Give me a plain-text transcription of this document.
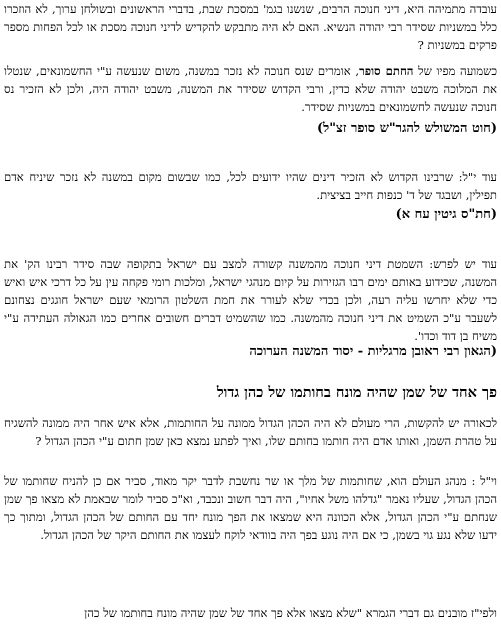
עובדה מתמיהה היא, דיני חנוכה הרבים, שנשנו בגמ' במסכת שבת, בדברי הראשונים ובשולחן ערוך, לא הוזכרו כלל במשניות שסידר רבי יהודה הנשיא. האם לא היה מתבקש להקדיש לדיני חנוכה מסכת או לכל הפחות מספר פרקים במשניות ?

כשמועה מפיו של החתם סופר, אומרים שנס חנוכה לא נזכר במשנה, משום שנעשה ע"י החשמונאים, שנטלו את המלוכה משבט יהודה שלא כדין, ורבי הקדוש שסידר את המשנה, משבט יהודה היה, ולכן לא הזכיר נס חנוכה שנעשה לחשמונאים במשניות שסידר.

(חוט המשולש להגר"ש סופר זצ"ל)

עוד י"ל: שרבינו הקדוש לא הזכיר דינים שהיו ידועים לכל, כמו שבשום מקום במשנה לא נזכר שיניח אדם תפילין, ושבגד של ד' כנפות חייב בציצית.

(חת"ס גיטין עח א)

עוד יש לפרש: השמטת דיני חנוכה מהמשנה קשורה למצב עם ישראל בתקופה שבה סידר רבינו הק' את המשנה, שכידוע באותם ימים רבו הגזירות על קיום מנהגי ישראל, ומלכות רומי פקחה עין על כל דרכי איש ואיש כדי שלא יחרשו עליה רעה, ולכן בכדי שלא לעורר את חמת השלטון הרומאי שעם ישראל חוגגים נצחונם לשעבר ע"כ השמיט את דיני חנוכה מהמשנה. כמו שהשמיט דברים חשובים אחרים כמו הגאולה העתידה ע"י משיח בן דוד וכדו'.

(הגאון רבי ראובן מרגליות - יסוד המשנה הערוכה

פך אחד של שמן שהיה מונח בחותמו של כהן גדול

לכאורה יש להקשות, הרי מעולם לא היה הכהן הגדול ממונה על החותמות, אלא איש אחר היה ממונה להשגיח על טהרת השמן, ואותו אדם היה חותמו בחותם שלו, ואיך לפתע נמצא כאן שמן חתום ע"י הכהן הגדול ?

וי"ל : מנהג העולם הוא, שחותמות של מלך או שר נחשבת לדבר יקר מאוד, סביר אם כן להניח שחותמו של הכהן הגדול, שעליו נאמר "גדלהו משל אחיו", היה דבר חשוב ונכבד, וא"כ סביר לומר שבאמת לא מצאו פך שמן שנחתם ע"י הכהן הגדול, אלא הכוונה היא שמצאו את הפך מונח יחד עם החותם של הכהן הגדול, ומתוך כך ידעו שלא נגע גוי בשמן, כי אם היה נוגע בפך היה בוודאי לוקח לעצמו את החותם היקר של הכהן הגדול.

ולפי"ז מובנים גם דברי הגמרא "שלא מצאו אלא פך אחד של שמן שהיה מונח בחותמו של כהן
